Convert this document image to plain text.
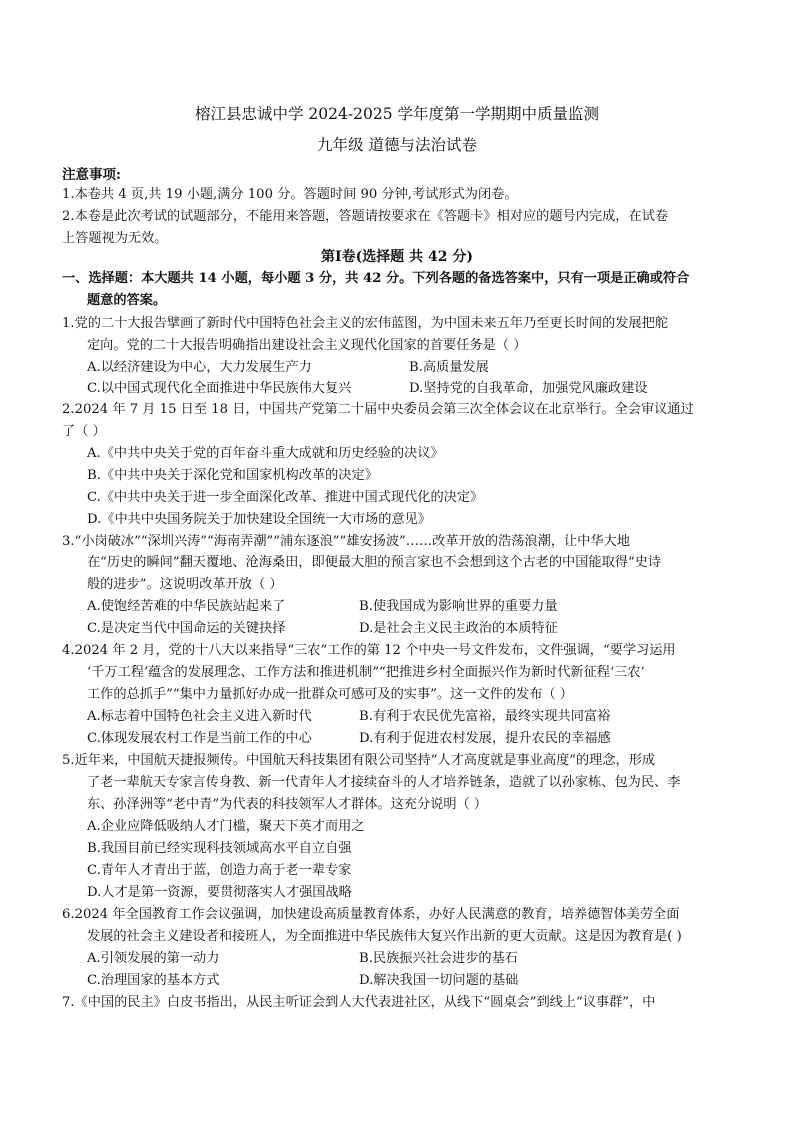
榕江县忠诚中学 2024-2025 学年度第一学期期中质量监测
九年级 道德与法治试卷
注意事项:
1.本卷共 4 页,共 19 小题,满分 100 分。答题时间 90 分钟,考试形式为闭卷。
2.本卷是此次考试的试题部分，不能用来答题，答题请按要求在《答题卡》相对应的题号内完成，在试卷
上答题视为无效。
第Ⅰ卷(选择题 共 42 分)
一、选择题：本大题共 14 小题，每小题 3 分，共 42 分。下列各题的备选答案中，只有一项是正确或符合
题意的答案。
1.党的二十大报告擘画了新时代中国特色社会主义的宏伟蓝图，为中国未来五年乃至更长时间的发展把舵
定向。党的二十大报告明确指出建设社会主义现代化国家的首要任务是（ ）
A.以经济建设为中心，大力发展生产力	B.高质量发展
C.以中国式现代化全面推进中华民族伟大复兴	D.坚持党的自我革命，加强党风廉政建设
2.2024 年 7 月 15 日至 18 日，中国共产党第二十届中央委员会第三次全体会议在北京举行。全会审议通过
了（ ）
A.《中共中央关于党的百年奋斗重大成就和历史经验的决议》
B.《中共中央关于深化党和国家机构改革的决定》
C.《中共中央关于进一步全面深化改革、推进中国式现代化的决定》
D.《中共中央国务院关于加快建设全国统一大市场的意见》
3.“小岗破冰”“深圳兴涛”“海南弄潮”“浦东逐浪”“雄安扬波”……改革开放的浩荡浪潮，让中华大地
在“历史的瞬间”翻天覆地、沧海桑田，即便最大胆的预言家也不会想到这个古老的中国能取得“史诗
般的进步”。这说明改革开放（ ）
A.使饱经苦难的中华民族站起来了	B.使我国成为影响世界的重要力量
C.是决定当代中国命运的关键抉择	D.是社会主义民主政治的本质特征
4.2024 年 2 月，党的十八大以来指导“三农”工作的第 12 个中央一号文件发布，文件强调，“要学习运用
‘千万工程’蕴含的发展理念、工作方法和推进机制”“把推进乡村全面振兴作为新时代新征程‘三农’
工作的总抓手”“集中力量抓好办成一批群众可感可及的实事”。这一文件的发布（ ）
A.标志着中国特色社会主义进入新时代	B.有利于农民优先富裕，最终实现共同富裕
C.体现发展农村工作是当前工作的中心	D.有利于促进农村发展，提升农民的幸福感
5.近年来，中国航天捷报频传。中国航天科技集团有限公司坚持“人才高度就是事业高度”的理念，形成
了老一辈航天专家言传身教、新一代青年人才接续奋斗的人才培养链条，造就了以孙家栋、包为民、李
东、孙泽洲等“老中青”为代表的科技领军人才群体。这充分说明（ ）
A.企业应降低吸纳人才门槛，聚天下英才而用之
B.我国目前已经实现科技领域高水平自立自强
C.青年人才青出于蓝，创造力高于老一辈专家
D.人才是第一资源，要贯彻落实人才强国战略
6.2024 年全国教育工作会议强调，加快建设高质量教育体系，办好人民满意的教育，培养德智体美劳全面
发展的社会主义建设者和接班人，为全面推进中华民族伟大复兴作出新的更大贡献。这是因为教育是( )
A.引领发展的第一动力	B.民族振兴社会进步的基石
C.治理国家的基本方式	D.解决我国一切问题的基础
7.《中国的民主》白皮书指出，从民主听证会到人大代表进社区，从线下“圆桌会”到线上“议事群”，中
